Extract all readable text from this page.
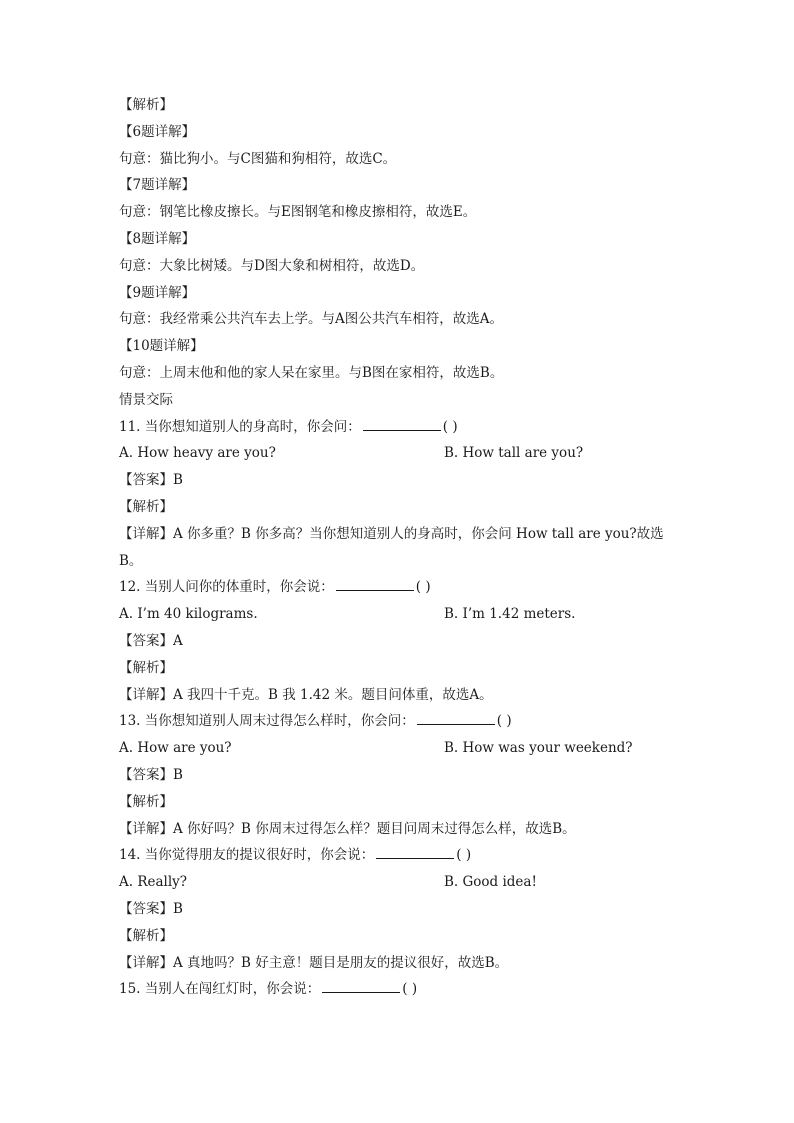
【解析】
【6题详解】
句意：猫比狗小。与C图猫和狗相符，故选C。
【7题详解】
句意：钢笔比橡皮擦长。与E图钢笔和橡皮擦相符，故选E。
【8题详解】
句意：大象比树矮。与D图大象和树相符，故选D。
【9题详解】
句意：我经常乘公共汽车去上学。与A图公共汽车相符，故选A。
【10题详解】
句意：上周末他和他的家人呆在家里。与B图在家相符，故选B。
情景交际
11. 当你想知道别人的身高时，你会问：	( )
A. How heavy are you?	B. How tall are you?
【答案】B
【解析】
【详解】A 你多重？B 你多高？当你想知道别人的身高时，你会问 How tall are you?故选
B。
12. 当别人问你的体重时，你会说：	( )
A. I’m 40 kilograms.	B. I’m 1.42 meters.
【答案】A
【解析】
【详解】A 我四十千克。B 我 1.42 米。题目问体重，故选A。
13. 当你想知道别人周末过得怎么样时，你会问：	( )
A. How are you?	B. How was your weekend?
【答案】B
【解析】
【详解】A 你好吗？B 你周末过得怎么样？题目问周末过得怎么样，故选B。
14. 当你觉得朋友的提议很好时，你会说：	( )
A. Really?	B. Good idea!
【答案】B
【解析】
【详解】A 真地吗？B 好主意！题目是朋友的提议很好，故选B。
15. 当别人在闯红灯时，你会说：	( )
